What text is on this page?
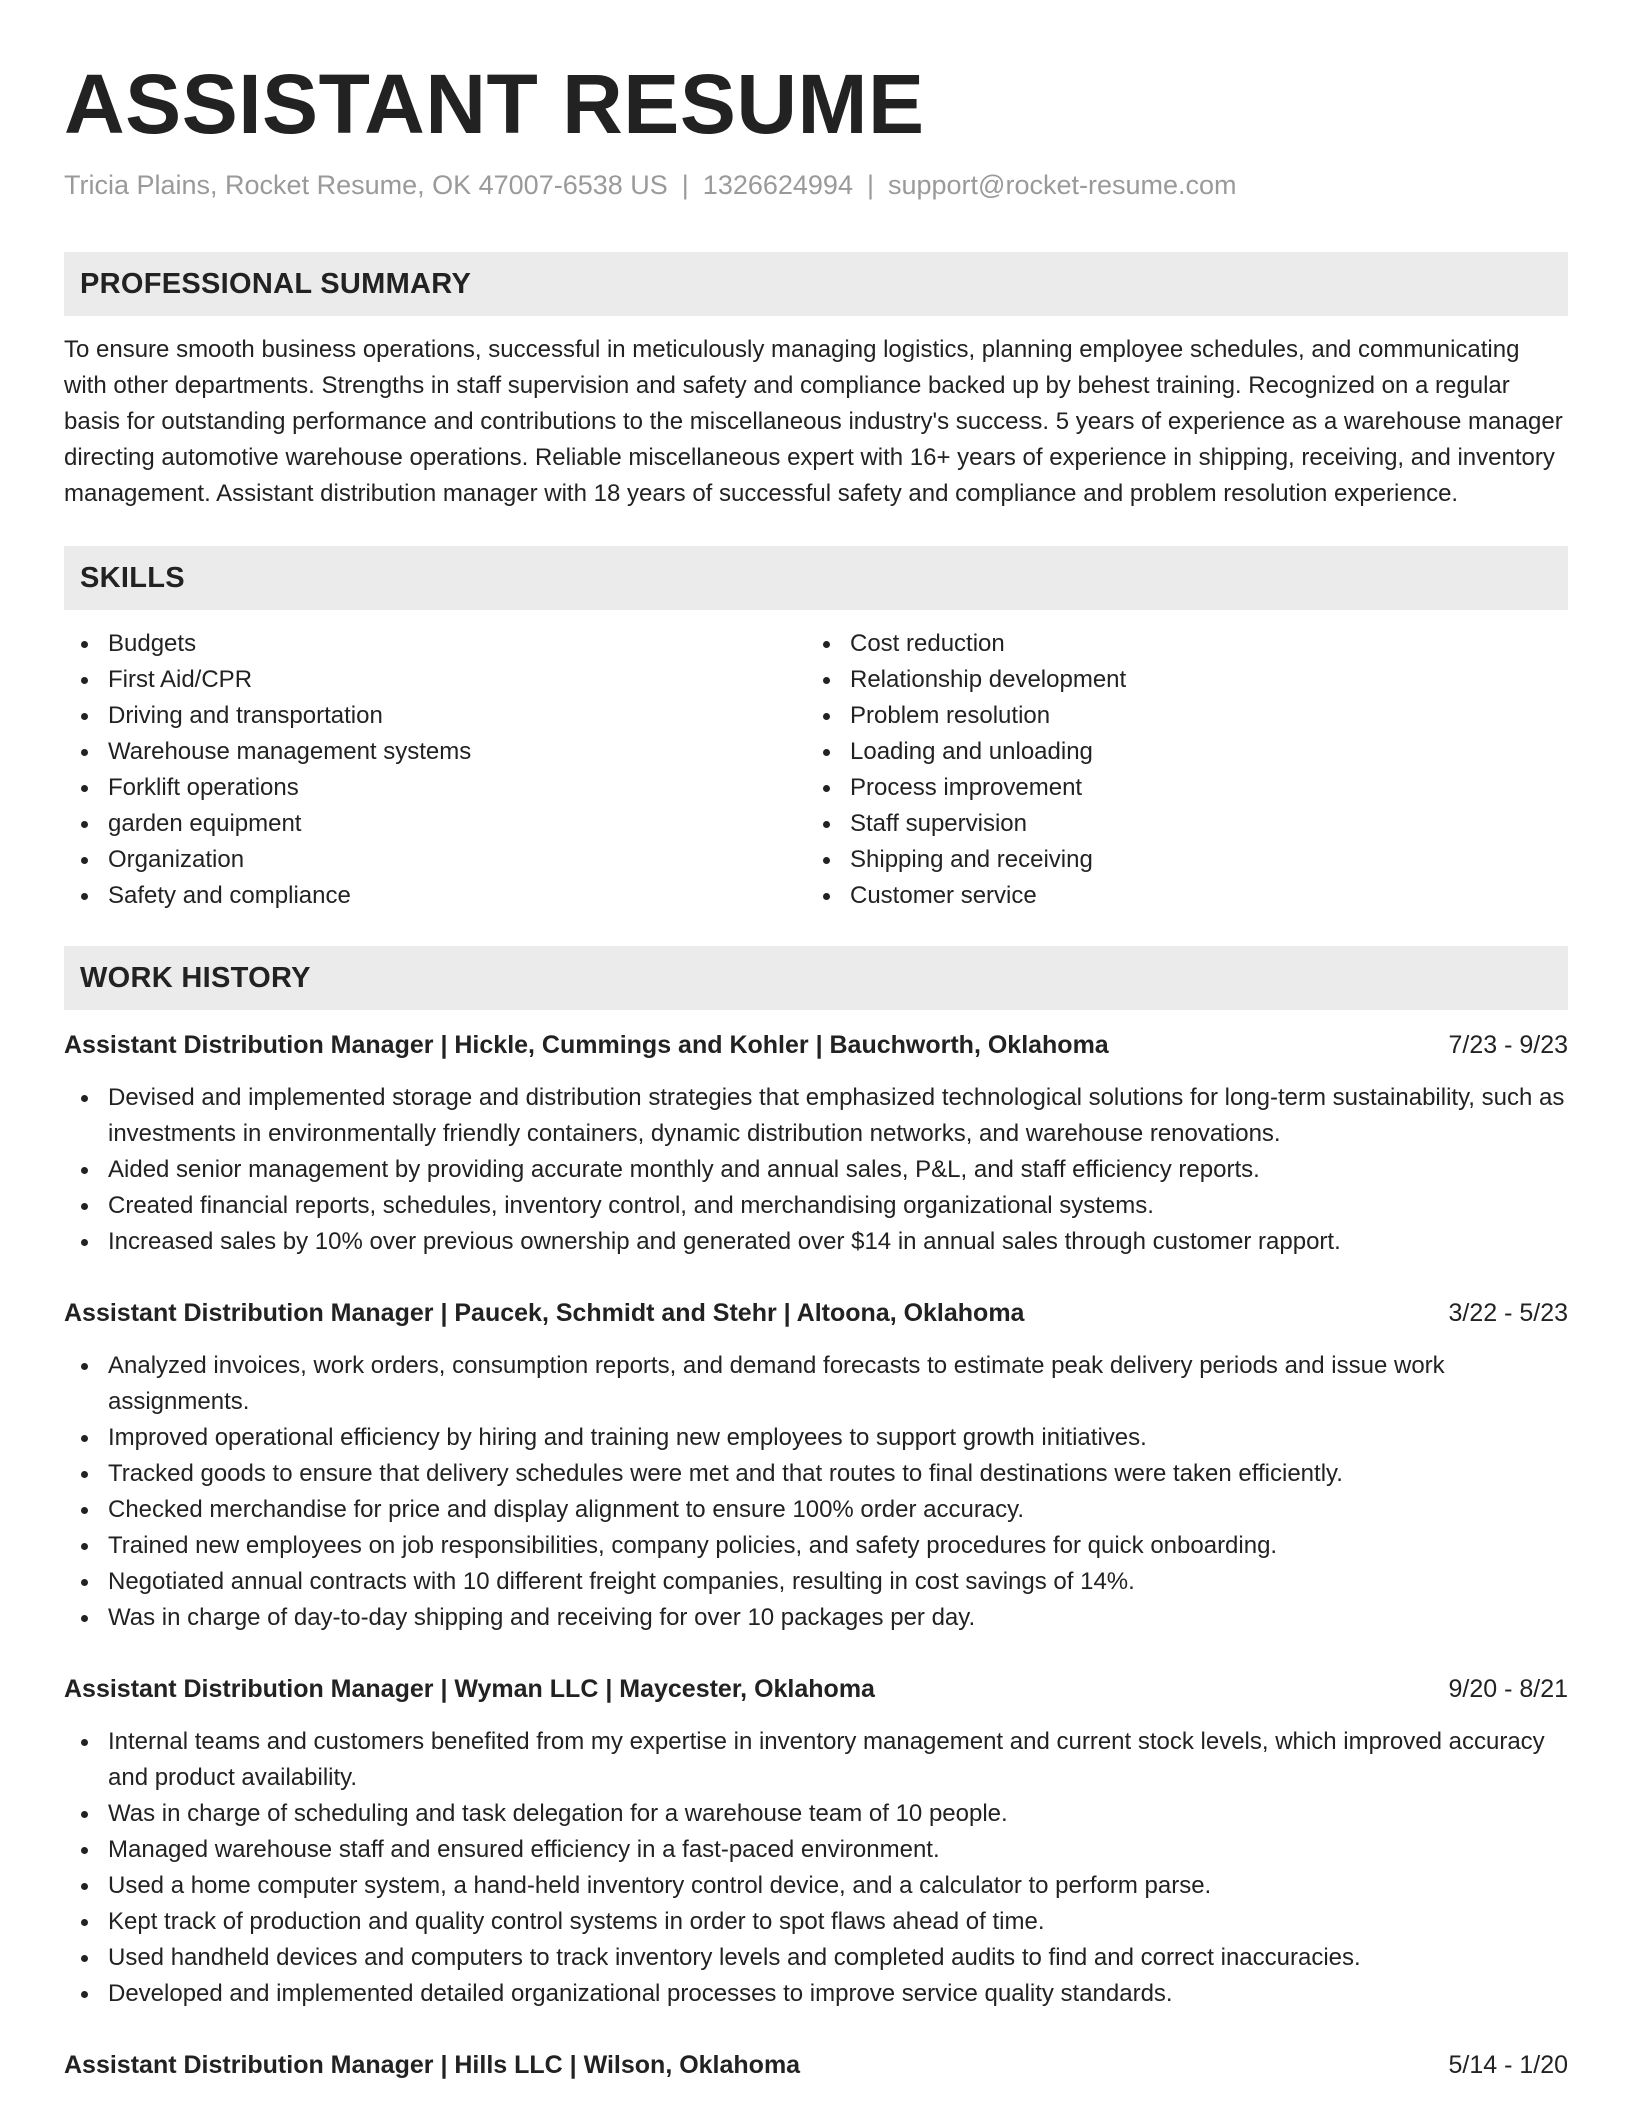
ASSISTANT RESUME
Tricia Plains, Rocket Resume, OK 47007-6538 US | 1326624994 | support@rocket-resume.com
PROFESSIONAL SUMMARY
To ensure smooth business operations, successful in meticulously managing logistics, planning employee schedules, and communicating with other departments. Strengths in staff supervision and safety and compliance backed up by behest training. Recognized on a regular basis for outstanding performance and contributions to the miscellaneous industry's success. 5 years of experience as a warehouse manager directing automotive warehouse operations. Reliable miscellaneous expert with 16+ years of experience in shipping, receiving, and inventory management. Assistant distribution manager with 18 years of successful safety and compliance and problem resolution experience.
SKILLS
Budgets
First Aid/CPR
Driving and transportation
Warehouse management systems
Forklift operations
garden equipment
Organization
Safety and compliance
Cost reduction
Relationship development
Problem resolution
Loading and unloading
Process improvement
Staff supervision
Shipping and receiving
Customer service
WORK HISTORY
Assistant Distribution Manager | Hickle, Cummings and Kohler | Bauchworth, Oklahoma	7/23 - 9/23
Devised and implemented storage and distribution strategies that emphasized technological solutions for long-term sustainability, such as investments in environmentally friendly containers, dynamic distribution networks, and warehouse renovations.
Aided senior management by providing accurate monthly and annual sales, P&L, and staff efficiency reports.
Created financial reports, schedules, inventory control, and merchandising organizational systems.
Increased sales by 10% over previous ownership and generated over $14 in annual sales through customer rapport.
Assistant Distribution Manager | Paucek, Schmidt and Stehr | Altoona, Oklahoma	3/22 - 5/23
Analyzed invoices, work orders, consumption reports, and demand forecasts to estimate peak delivery periods and issue work assignments.
Improved operational efficiency by hiring and training new employees to support growth initiatives.
Tracked goods to ensure that delivery schedules were met and that routes to final destinations were taken efficiently.
Checked merchandise for price and display alignment to ensure 100% order accuracy.
Trained new employees on job responsibilities, company policies, and safety procedures for quick onboarding.
Negotiated annual contracts with 10 different freight companies, resulting in cost savings of 14%.
Was in charge of day-to-day shipping and receiving for over 10 packages per day.
Assistant Distribution Manager | Wyman LLC | Maycester, Oklahoma	9/20 - 8/21
Internal teams and customers benefited from my expertise in inventory management and current stock levels, which improved accuracy and product availability.
Was in charge of scheduling and task delegation for a warehouse team of 10 people.
Managed warehouse staff and ensured efficiency in a fast-paced environment.
Used a home computer system, a hand-held inventory control device, and a calculator to perform parse.
Kept track of production and quality control systems in order to spot flaws ahead of time.
Used handheld devices and computers to track inventory levels and completed audits to find and correct inaccuracies.
Developed and implemented detailed organizational processes to improve service quality standards.
Assistant Distribution Manager | Hills LLC | Wilson, Oklahoma	5/14 - 1/20
